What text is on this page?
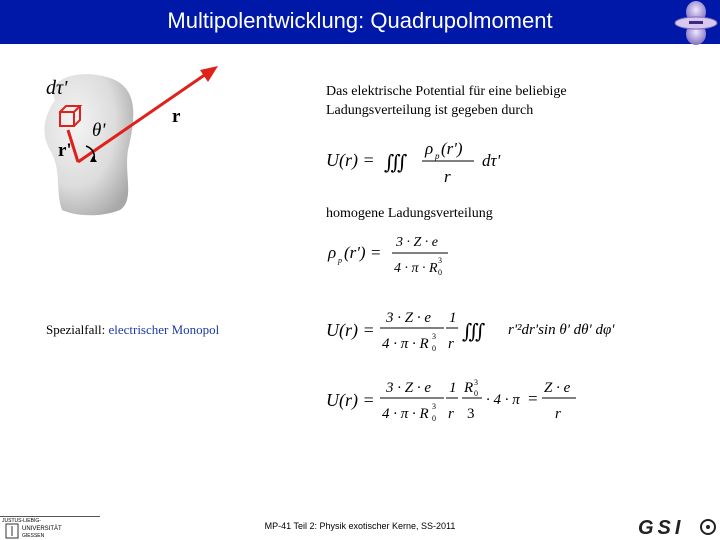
Multipolentwicklung: Quadrupolmoment
dτ'
θ'
r
r'
Das elektrische Potential für eine beliebige
Ladungsverteilung ist gegeben durch
U(r) = ∭
ρ p (r')
r
dτ'
homogene Ladungsverteilung
ρ p (r') =
3 · Z · e
4 · π · R
3
0
Spezialfall: electrischer Monopol	U(r) =
3 · Z · e
4 · π · R 3
0
1
r
∭ r'²dr'sin θ' dθ' dφ'
U(r) =
3 · Z · e
4 · π · R 3
0
1
r
R 3
0
3
· 4 · π =
Z · e
r
JUSTUS-LIEBIG-
UNIVERSITÄT
GIESSEN
MP-41 Teil 2: Physik exotischer Kerne, SS-2011	GSI
